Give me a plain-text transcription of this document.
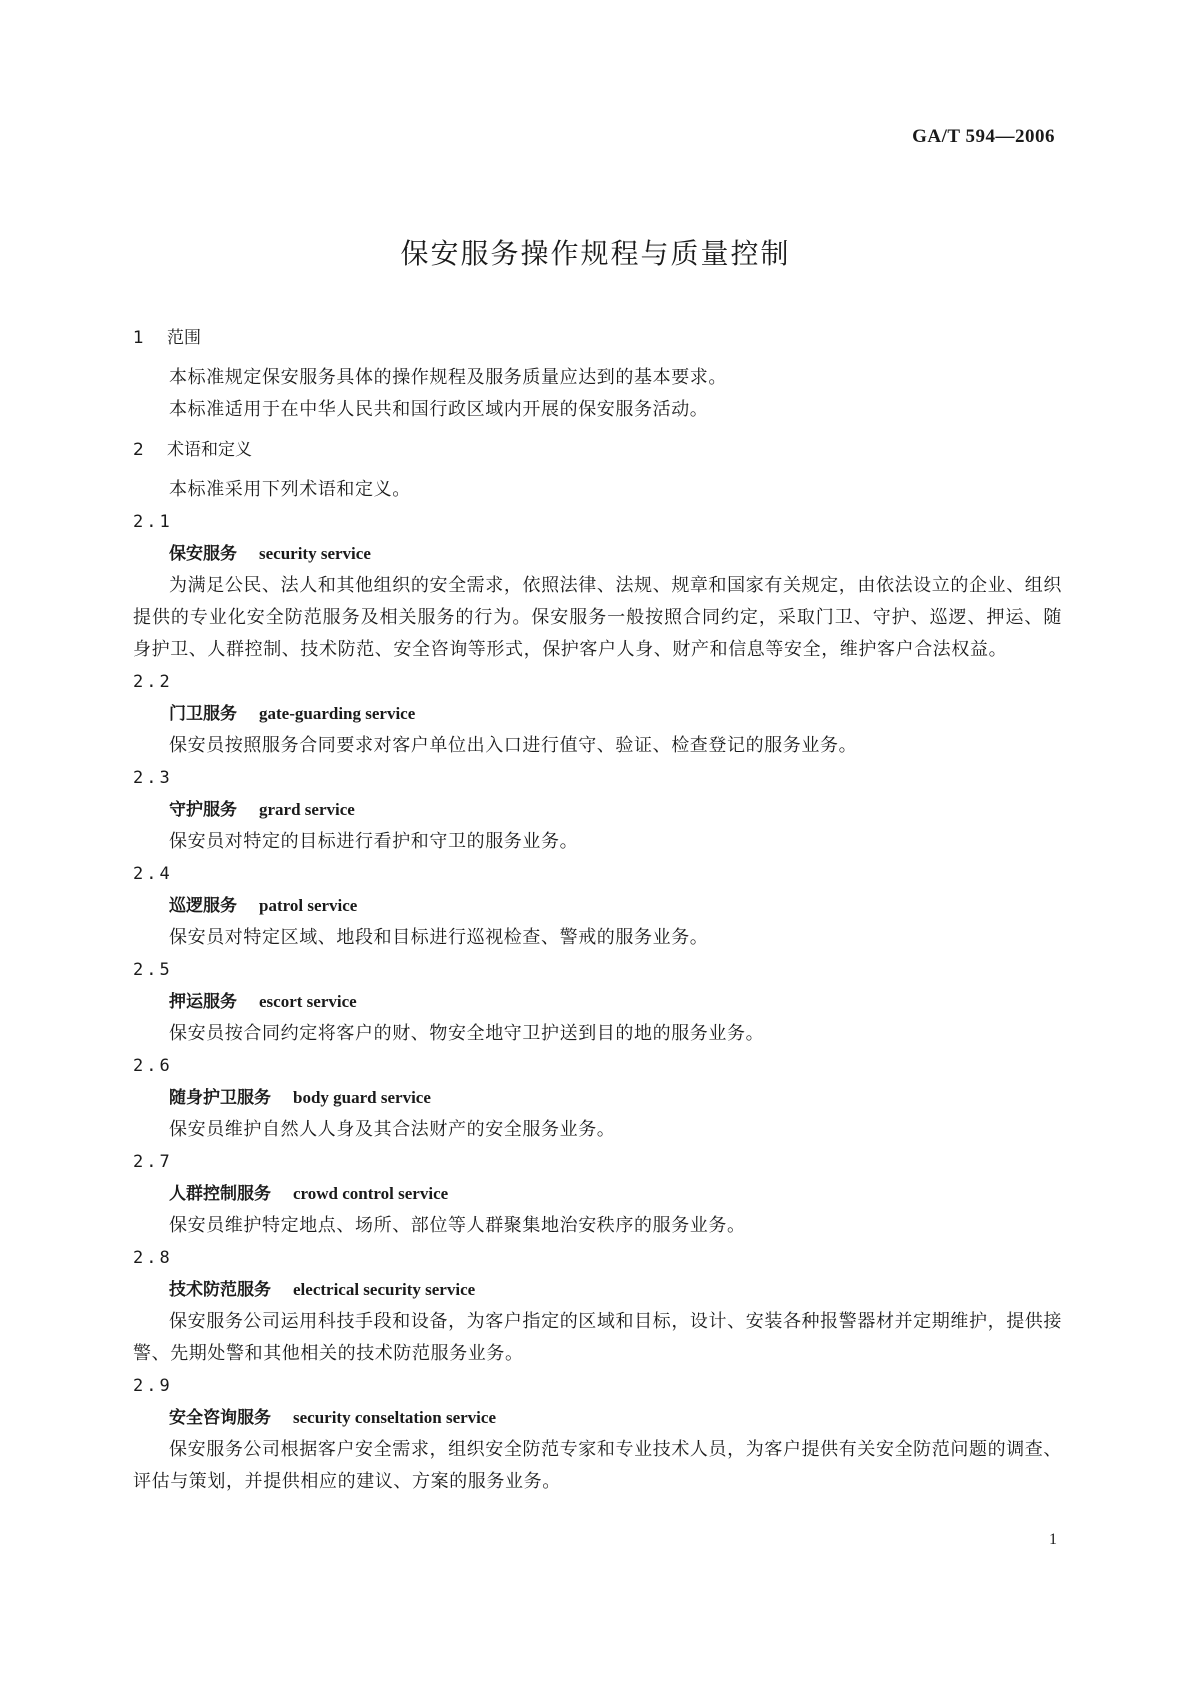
GA/T 594—2006
保安服务操作规程与质量控制
1 范围
本标准规定保安服务具体的操作规程及服务质量应达到的基本要求。
本标准适用于在中华人民共和国行政区域内开展的保安服务活动。
2 术语和定义
本标准采用下列术语和定义。
2.1
保安服务 security service
为满足公民、法人和其他组织的安全需求，依照法律、法规、规章和国家有关规定，由依法设立的企业、组织提供的专业化安全防范服务及相关服务的行为。保安服务一般按照合同约定，采取门卫、守护、巡逻、押运、随身护卫、人群控制、技术防范、安全咨询等形式，保护客户人身、财产和信息等安全，维护客户合法权益。
2.2
门卫服务 gate-guarding service
保安员按照服务合同要求对客户单位出入口进行值守、验证、检查登记的服务业务。
2.3
守护服务 grard service
保安员对特定的目标进行看护和守卫的服务业务。
2.4
巡逻服务 patrol service
保安员对特定区域、地段和目标进行巡视检查、警戒的服务业务。
2.5
押运服务 escort service
保安员按合同约定将客户的财、物安全地守卫护送到目的地的服务业务。
2.6
随身护卫服务 body guard service
保安员维护自然人人身及其合法财产的安全服务业务。
2.7
人群控制服务 crowd control service
保安员维护特定地点、场所、部位等人群聚集地治安秩序的服务业务。
2.8
技术防范服务 electrical security service
保安服务公司运用科技手段和设备，为客户指定的区域和目标，设计、安装各种报警器材并定期维护，提供接警、先期处警和其他相关的技术防范服务业务。
2.9
安全咨询服务 security conseltation service
保安服务公司根据客户安全需求，组织安全防范专家和专业技术人员，为客户提供有关安全防范问题的调查、评估与策划，并提供相应的建议、方案的服务业务。
1
